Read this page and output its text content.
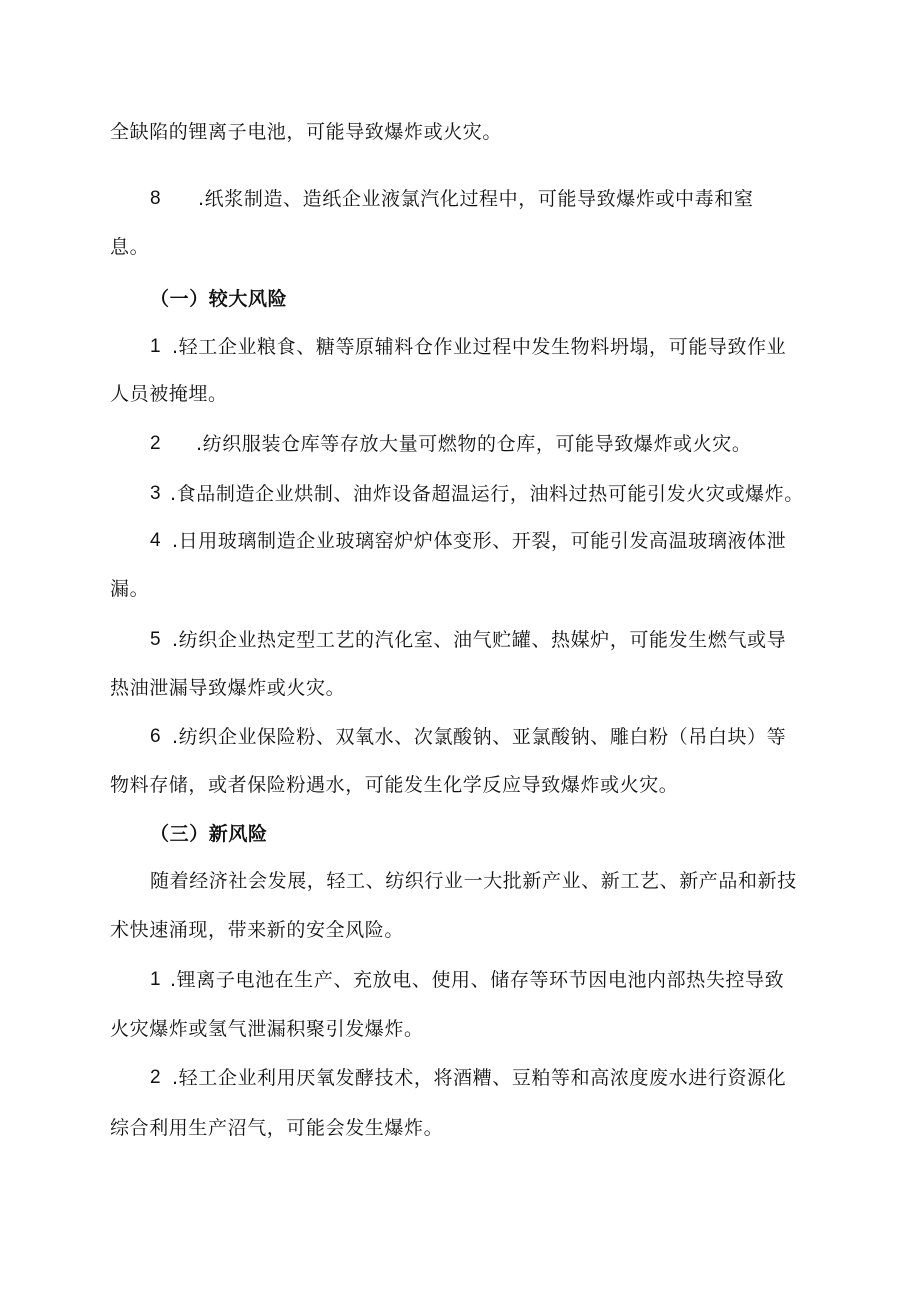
全缺陷的锂离子电池，可能导致爆炸或火灾。
8 .纸浆制造、造纸企业液氯汽化过程中，可能导致爆炸或中毒和窒
息。
（一）较大风险
1 .轻工企业粮食、糖等原辅料仓作业过程中发生物料坍塌，可能导致作业
人员被掩埋。
2 .纺织服装仓库等存放大量可燃物的仓库，可能导致爆炸或火灾。
3 .食品制造企业烘制、油炸设备超温运行，油料过热可能引发火灾或爆炸。
4 .日用玻璃制造企业玻璃窑炉炉体变形、开裂，可能引发高温玻璃液体泄
漏。
5 .纺织企业热定型工艺的汽化室、油气贮罐、热媒炉，可能发生燃气或导
热油泄漏导致爆炸或火灾。
6 .纺织企业保险粉、双氧水、次氯酸钠、亚氯酸钠、雕白粉（吊白块）等
物料存储，或者保险粉遇水，可能发生化学反应导致爆炸或火灾。
（三）新风险
随着经济社会发展，轻工、纺织行业一大批新产业、新工艺、新产品和新技
术快速涌现，带来新的安全风险。
1 .锂离子电池在生产、充放电、使用、储存等环节因电池内部热失控导致
火灾爆炸或氢气泄漏积聚引发爆炸。
2 .轻工企业利用厌氧发酵技术，将酒糟、豆粕等和高浓度废水进行资源化
综合利用生产沼气，可能会发生爆炸。
